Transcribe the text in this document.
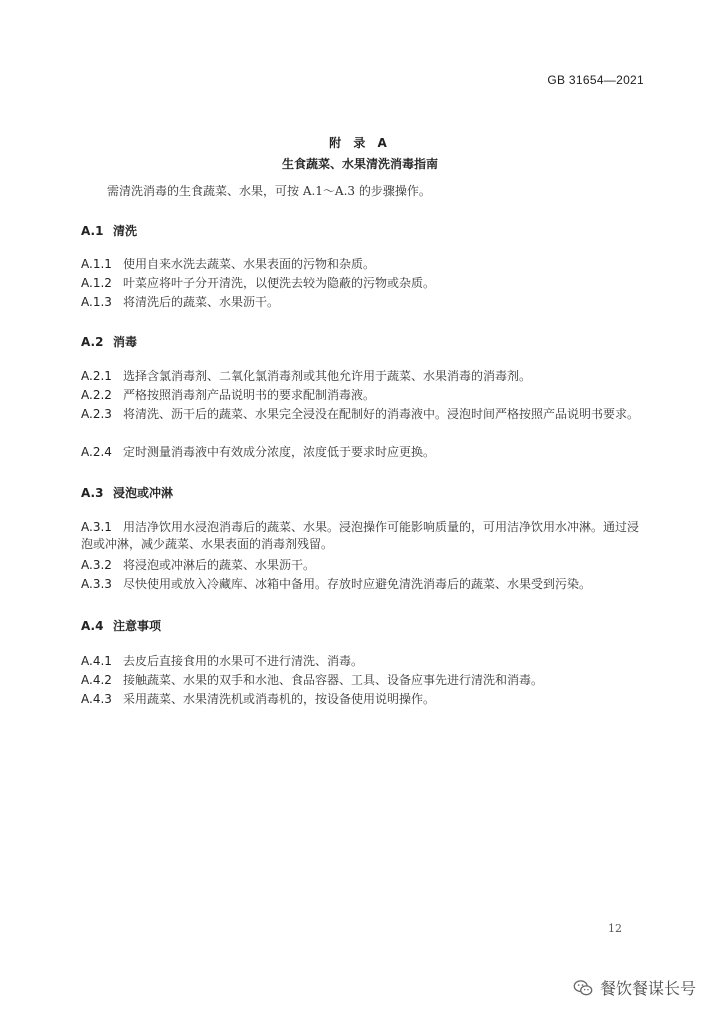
GB 31654—2021
附 录 A
生食蔬菜、水果清洗消毒指南
需清洗消毒的生食蔬菜、水果，可按 A.1～A.3 的步骤操作。
A.1 清洗
A.1.1 使用自来水洗去蔬菜、水果表面的污物和杂质。
A.1.2 叶菜应将叶子分开清洗，以便洗去较为隐蔽的污物或杂质。
A.1.3 将清洗后的蔬菜、水果沥干。
A.2 消毒
A.2.1 选择含氯消毒剂、二氧化氯消毒剂或其他允许用于蔬菜、水果消毒的消毒剂。
A.2.2 严格按照消毒剂产品说明书的要求配制消毒液。
A.2.3 将清洗、沥干后的蔬菜、水果完全浸没在配制好的消毒液中。浸泡时间严格按照产品说明书要求。
A.2.4 定时测量消毒液中有效成分浓度，浓度低于要求时应更换。
A.3 浸泡或冲淋
A.3.1 用洁净饮用水浸泡消毒后的蔬菜、水果。浸泡操作可能影响质量的，可用洁净饮用水冲淋。通过浸泡或冲淋，减少蔬菜、水果表面的消毒剂残留。
A.3.2 将浸泡或冲淋后的蔬菜、水果沥干。
A.3.3 尽快使用或放入冷藏库、冰箱中备用。存放时应避免清洗消毒后的蔬菜、水果受到污染。
A.4 注意事项
A.4.1 去皮后直接食用的水果可不进行清洗、消毒。
A.4.2 接触蔬菜、水果的双手和水池、食品容器、工具、设备应事先进行清洗和消毒。
A.4.3 采用蔬菜、水果清洗机或消毒机的，按设备使用说明操作。
12
餐饮餐谋长号
